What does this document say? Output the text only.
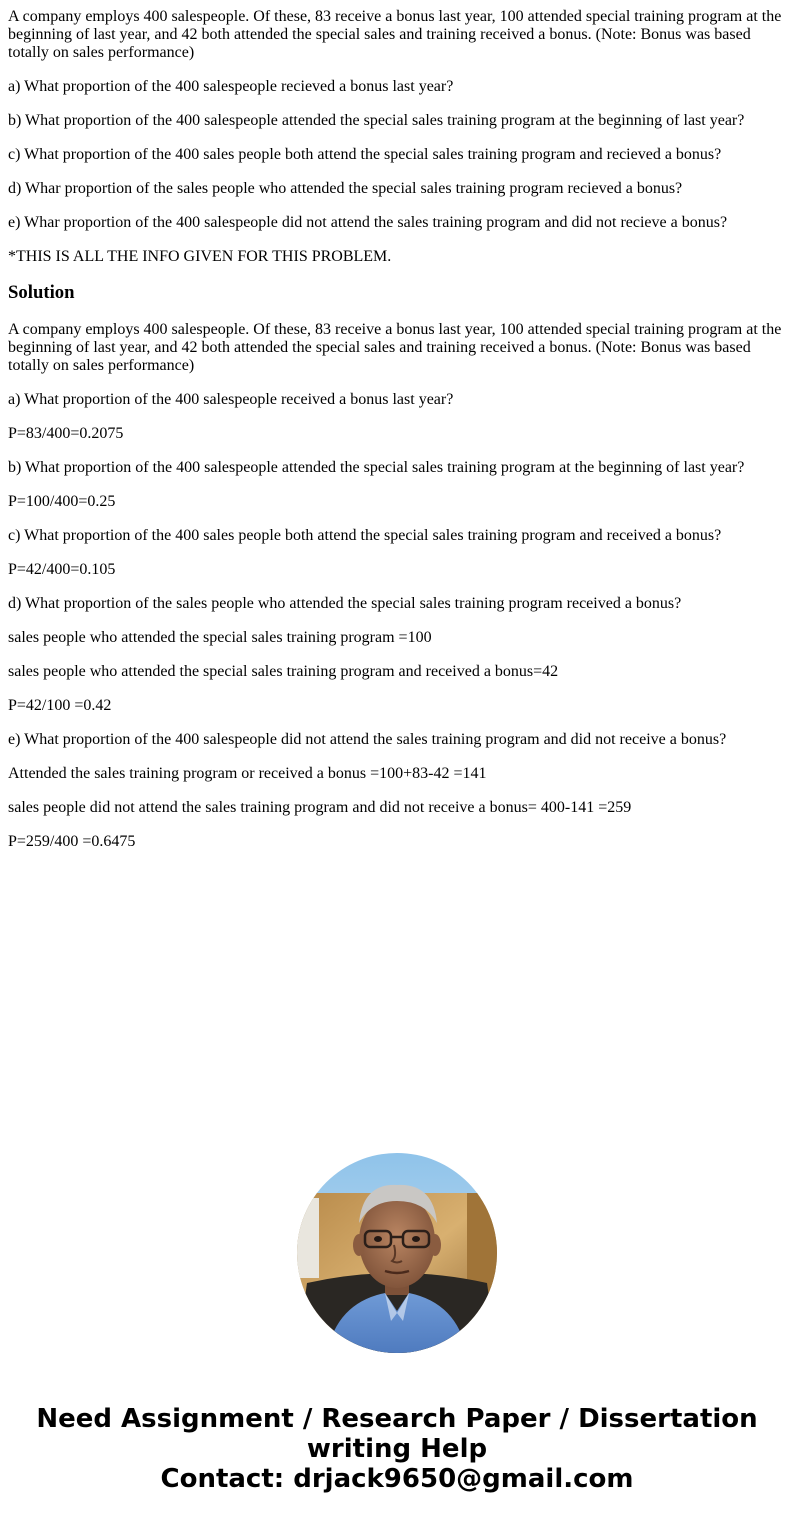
A company employs 400 salespeople. Of these, 83 receive a bonus last year, 100 attended special training program at the beginning of last year, and 42 both attended the special sales and training received a bonus. (Note: Bonus was based totally on sales performance)

a) What proportion of the 400 salespeople recieved a bonus last year?

b) What proportion of the 400 salespeople attended the special sales training program at the beginning of last year?

c) What proportion of the 400 sales people both attend the special sales training program and recieved a bonus?

d) Whar proportion of the sales people who attended the special sales training program recieved a bonus?

e) Whar proportion of the 400 salespeople did not attend the sales training program and did not recieve a bonus?

*THIS IS ALL THE INFO GIVEN FOR THIS PROBLEM.

Solution

A company employs 400 salespeople. Of these, 83 receive a bonus last year, 100 attended special training program at the beginning of last year, and 42 both attended the special sales and training received a bonus. (Note: Bonus was based totally on sales performance)

a) What proportion of the 400 salespeople received a bonus last year?

P=83/400=0.2075

b) What proportion of the 400 salespeople attended the special sales training program at the beginning of last year?

P=100/400=0.25

c) What proportion of the 400 sales people both attend the special sales training program and received a bonus?

P=42/400=0.105

d) What proportion of the sales people who attended the special sales training program received a bonus?

sales people who attended the special sales training program =100

sales people who attended the special sales training program and received a bonus=42

P=42/100 =0.42

e) What proportion of the 400 salespeople did not attend the sales training program and did not receive a bonus?

Attended the sales training program or received a bonus =100+83-42 =141

sales people did not attend the sales training program and did not receive a bonus= 400-141 =259

P=259/400 =0.6475

Need Assignment / Research Paper / Dissertation writing Help
Contact: drjack9650@gmail.com
